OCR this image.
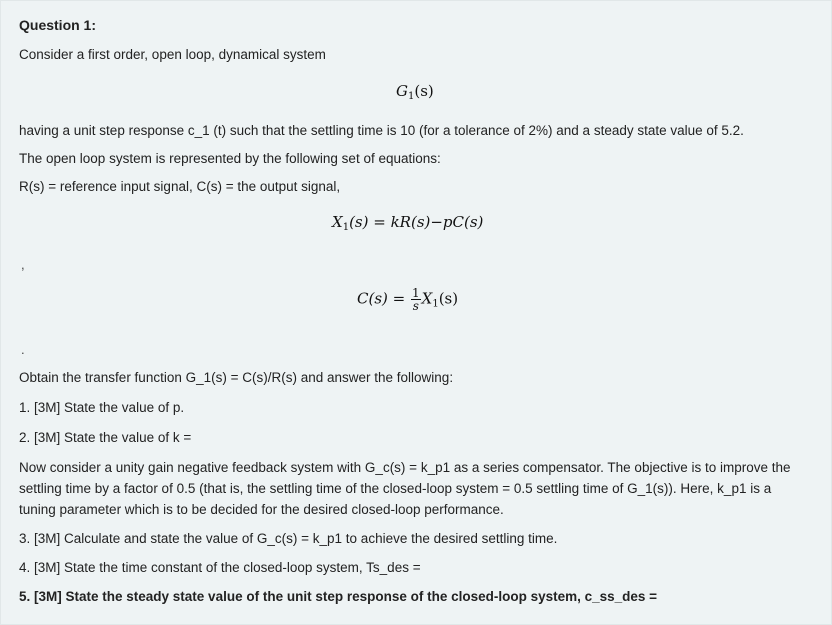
Question 1:
Consider a first order, open loop, dynamical system
$G_1(s)$
having a unit step response c_1 (t) such that the settling time is 10 (for a tolerance of 2%) and a steady state value of 5.2.
The open loop system is represented by the following set of equations:
R(s) = reference input signal, C(s) = the output signal,
$X_1(s) = kR(s)-pC(s)$
,
$C(s) = \frac{1}{s} X_1(s)$
.
Obtain the transfer function G_1(s) = C(s)/R(s) and answer the following:
1. [3M] State the value of p.
2. [3M] State the value of k =
Now consider a unity gain negative feedback system with G_c(s) = k_p1 as a series compensator. The objective is to improve the settling time by a factor of 0.5 (that is, the settling time of the closed-loop system = 0.5 settling time of G_1(s)). Here, k_p1 is a tuning parameter which is to be decided for the desired closed-loop performance.
3. [3M] Calculate and state the value of G_c(s) = k_p1 to achieve the desired settling time.
4. [3M] State the time constant of the closed-loop system, Ts_des =
5. [3M] State the steady state value of the unit step response of the closed-loop system, c_ss_des =
